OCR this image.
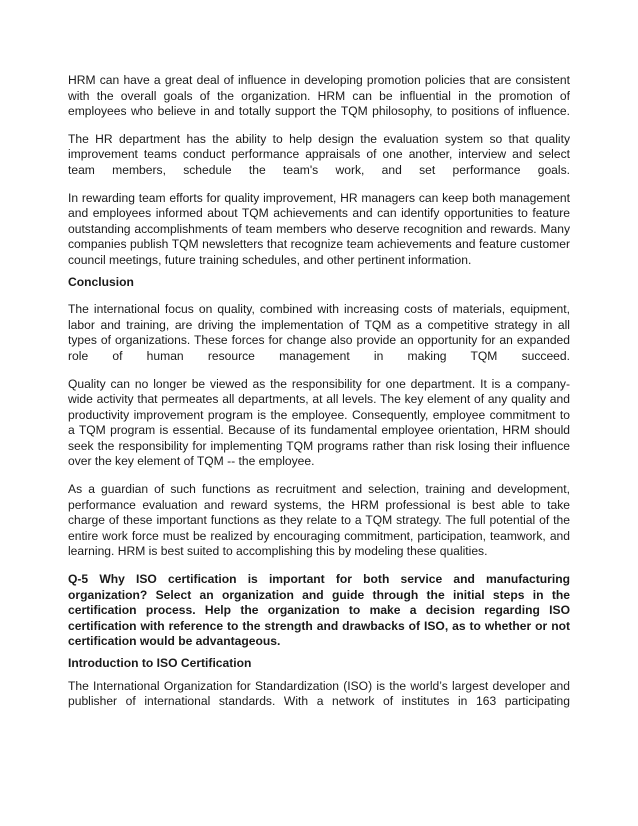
HRM can have a great deal of influence in developing promotion policies that are consistent with the overall goals of the organization. HRM can be influential in the promotion of employees who believe in and totally support the TQM philosophy, to positions of influence.

The HR department has the ability to help design the evaluation system so that quality improvement teams conduct performance appraisals of one another, interview and select team members, schedule the team's work, and set performance goals.

In rewarding team efforts for quality improvement, HR managers can keep both management and employees informed about TQM achievements and can identify opportunities to feature outstanding accomplishments of team members who deserve recognition and rewards. Many companies publish TQM newsletters that recognize team achievements and feature customer council meetings, future training schedules, and other pertinent information.

Conclusion

The international focus on quality, combined with increasing costs of materials, equipment, labor and training, are driving the implementation of TQM as a competitive strategy in all types of organizations. These forces for change also provide an opportunity for an expanded role of human resource management in making TQM succeed.

Quality can no longer be viewed as the responsibility for one department. It is a company-wide activity that permeates all departments, at all levels. The key element of any quality and productivity improvement program is the employee. Consequently, employee commitment to a TQM program is essential. Because of its fundamental employee orientation, HRM should seek the responsibility for implementing TQM programs rather than risk losing their influence over the key element of TQM -- the employee.

As a guardian of such functions as recruitment and selection, training and development, performance evaluation and reward systems, the HRM professional is best able to take charge of these important functions as they relate to a TQM strategy. The full potential of the entire work force must be realized by encouraging commitment, participation, teamwork, and learning. HRM is best suited to accomplishing this by modeling these qualities.

Q-5 Why ISO certification is important for both service and manufacturing organization? Select an organization and guide through the initial steps in the certification process. Help the organization to make a decision regarding ISO certification with reference to the strength and drawbacks of ISO, as to whether or not certification would be advantageous.

Introduction to ISO Certification

The International Organization for Standardization (ISO) is the world’s largest developer and publisher of international standards. With a network of institutes in 163 participating
